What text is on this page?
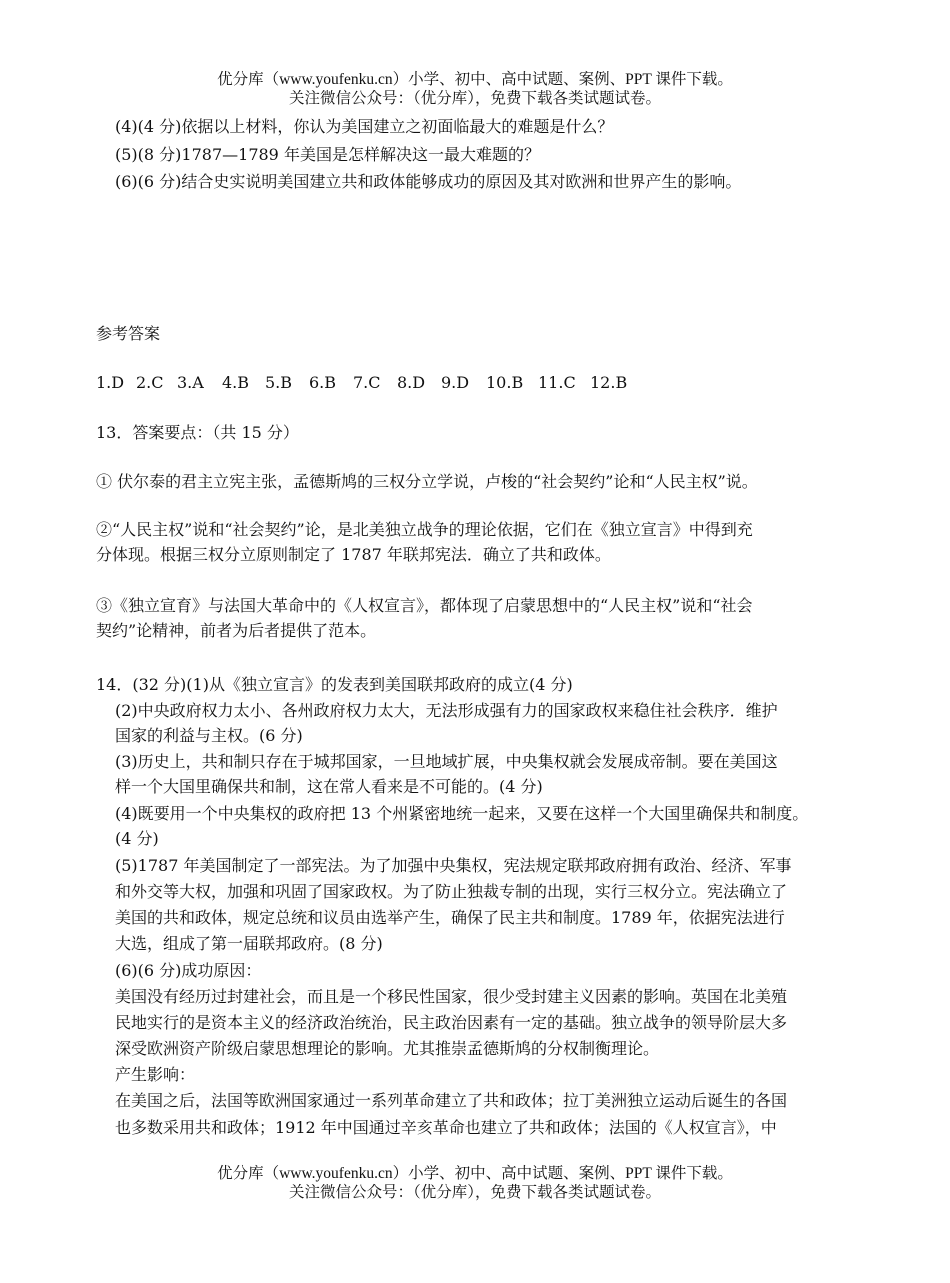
优分库（www.youfenku.cn）小学、初中、高中试题、案例、PPT 课件下载。
关注微信公众号：（优分库），免费下载各类试题试卷。
(4)(4 分)依据以上材料，你认为美国建立之初面临最大的难题是什么？
(5)(8 分)1787—1789 年美国是怎样解决这一最大难题的？
(6)(6 分)结合史实说明美国建立共和政体能够成功的原因及其对欧洲和世界产生的影响。
参考答案
1.D 2.C 3.A 4.B 5.B 6.B 7.C 8.D 9.D 10.B 11.C 12.B
13．答案要点：（共 15 分）
① 伏尔泰的君主立宪主张，孟德斯鸠的三权分立学说，卢梭的“社会契约”论和“人民主权”说。
②“人民主权”说和“社会契约”论，是北美独立战争的理论依据，它们在《独立宣言》中得到充
分体现。根据三权分立原则制定了 1787 年联邦宪法．确立了共和政体。
③《独立宣育》与法国大革命中的《人权宣言》，都体现了启蒙思想中的“人民主权”说和“社会
契约”论精神，前者为后者提供了范本。
14．(32 分)(1)从《独立宣言》的发表到美国联邦政府的成立(4 分)
(2)中央政府权力太小、各州政府权力太大，无法形成强有力的国家政权来稳住社会秩序．维护
国家的利益与主权。(6 分)
(3)历史上，共和制只存在于城邦国家，一旦地域扩展，中央集权就会发展成帝制。要在美国这
样一个大国里确保共和制，这在常人看来是不可能的。(4 分)
(4)既要用一个中央集权的政府把 13 个州紧密地统一起来，又要在这样一个大国里确保共和制度。
(4 分)
(5)1787 年美国制定了一部宪法。为了加强中央集权，宪法规定联邦政府拥有政治、经济、军事
和外交等大权，加强和巩固了国家政权。为了防止独裁专制的出现，实行三权分立。宪法确立了
美国的共和政体，规定总统和议员由选举产生，确保了民主共和制度。1789 年，依据宪法进行
大选，组成了第一届联邦政府。(8 分)
(6)(6 分)成功原因：
美国没有经历过封建社会，而且是一个移民性国家，很少受封建主义因素的影响。英国在北美殖
民地实行的是资本主义的经济政治统治，民主政治因素有一定的基础。独立战争的领导阶层大多
深受欧洲资产阶级启蒙思想理论的影响。尤其推崇孟德斯鸠的分权制衡理论。
产生影响：
在美国之后，法国等欧洲国家通过一系列革命建立了共和政体；拉丁美洲独立运动后诞生的各国
也多数采用共和政体；1912 年中国通过辛亥革命也建立了共和政体；法国的《人权宣言》，中
优分库（www.youfenku.cn）小学、初中、高中试题、案例、PPT 课件下载。
关注微信公众号：（优分库），免费下载各类试题试卷。
